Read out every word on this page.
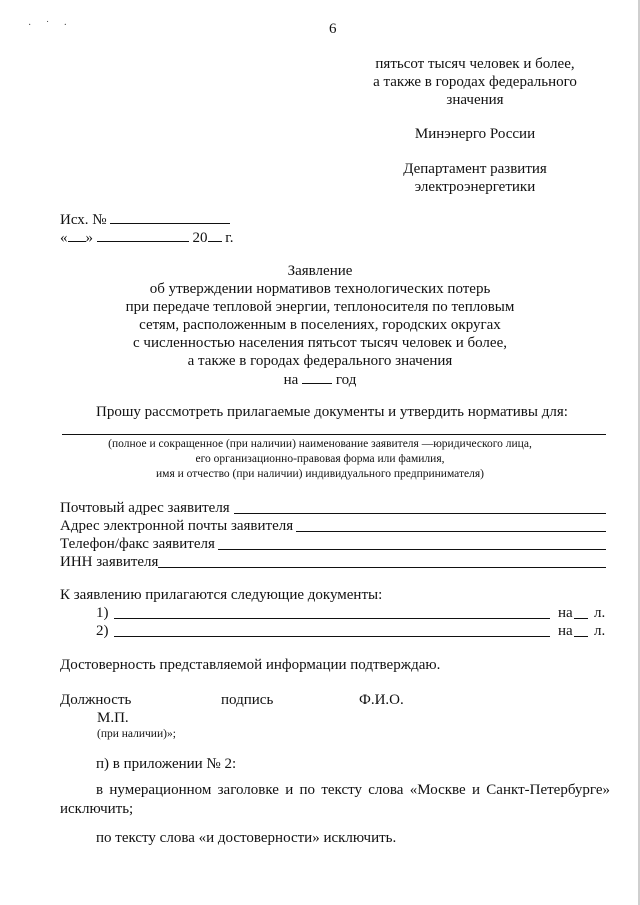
· ˙ ·	6
пятьсот тысяч человек и более,
а также в городах федерального
значения
Минэнерго России
Департамент развития
электроэнергетики
Исх. №
« »	20 г.
Заявление
об утверждении нормативов технологических потерь
при передаче тепловой энергии, теплоносителя по тепловым
сетям, расположенным в поселениях, городских округах
с численностью населения пятьсот тысяч человек и более,
а также в городах федерального значения
на	год
Прошу рассмотреть прилагаемые документы и утвердить нормативы для:
(полное и сокращенное (при наличии) наименование заявителя —юридического лица,
его организационно-правовая форма или фамилия,
имя и отчество (при наличии) индивидуального предпринимателя)
Почтовый адрес заявителя
Адрес электронной почты заявителя
Телефон/факс заявителя
ИНН заявителя
К заявлению прилагаются следующие документы:
1)	на л.
2)	на л.
Достоверность представляемой информации подтверждаю.
Должность	подпись	Ф.И.О.
М.П.
(при наличии)»;
п) в приложении № 2:
в нумерационном заголовке и по тексту слова «Москве и Санкт-Петербурге»
исключить;
по тексту слова «и достоверности» исключить.
